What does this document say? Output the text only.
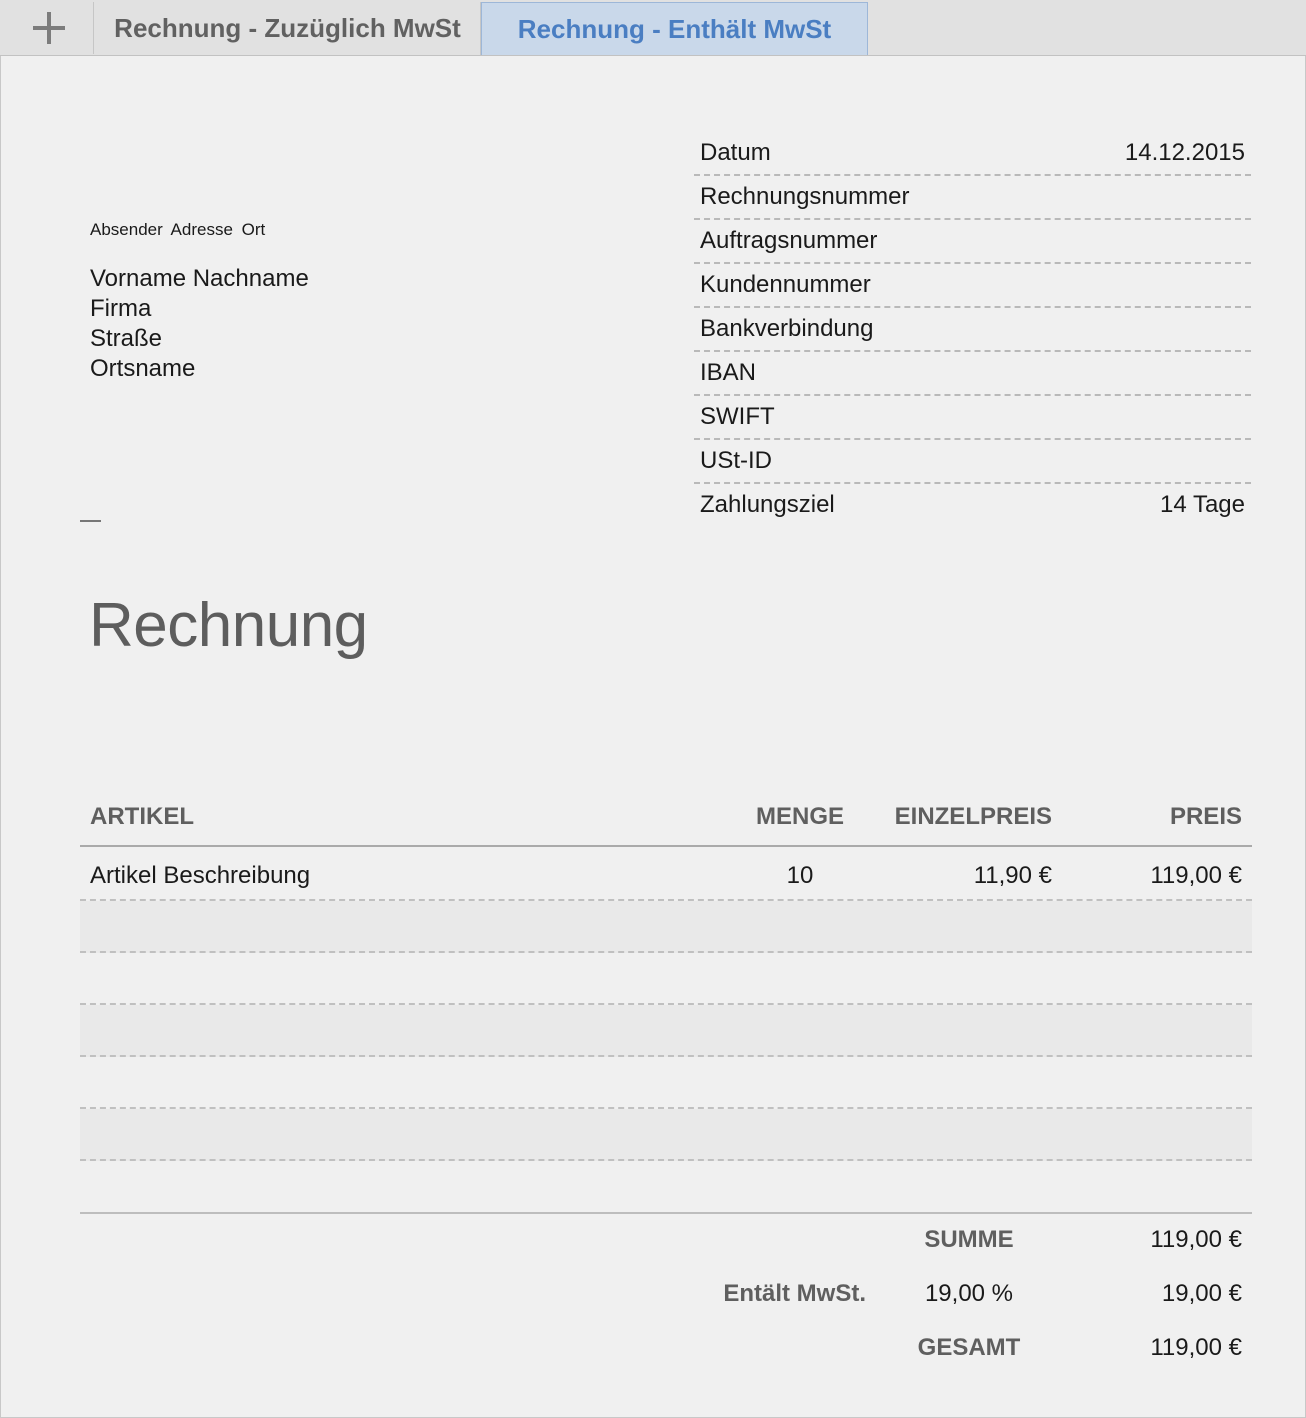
Rechnung - Zuzüglich MwSt	Rechnung - Enthält MwSt
Absender Adresse Ort
Vorname Nachname
Firma
Straße
Ortsname
Datum	14.12.2015
Rechnungsnummer
Auftragsnummer
Kundennummer
Bankverbindung
IBAN
SWIFT
USt-ID
Zahlungsziel	14 Tage
Rechnung
ARTIKEL	MENGE	EINZELPREIS	PREIS
Artikel Beschreibung	10	11,90 €	119,00 €
SUMME	119,00 €
Entält MwSt.	19,00 %	19,00 €
GESAMT	119,00 €
